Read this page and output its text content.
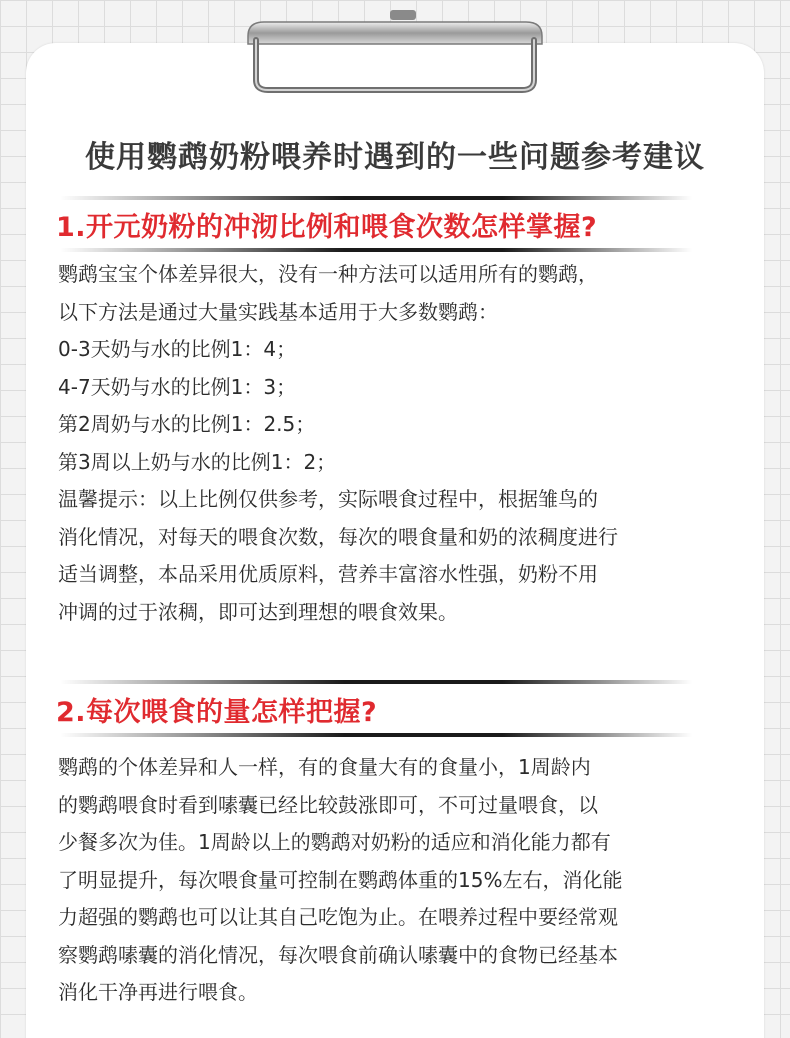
使用鹦鹉奶粉喂养时遇到的一些问题参考建议
1.开元奶粉的冲沏比例和喂食次数怎样掌握?
鹦鹉宝宝个体差异很大，没有一种方法可以适用所有的鹦鹉，
以下方法是通过大量实践基本适用于大多数鹦鹉：
0-3天奶与水的比例1：4；
4-7天奶与水的比例1：3；
第2周奶与水的比例1：2.5；
第3周以上奶与水的比例1：2；
温馨提示：以上比例仅供参考，实际喂食过程中，根据雏鸟的
消化情况，对每天的喂食次数，每次的喂食量和奶的浓稠度进行
适当调整，本品采用优质原料，营养丰富溶水性强，奶粉不用
冲调的过于浓稠，即可达到理想的喂食效果。
2.每次喂食的量怎样把握?
鹦鹉的个体差异和人一样，有的食量大有的食量小，1周龄内
的鹦鹉喂食时看到嗉囊已经比较鼓涨即可，不可过量喂食，以
少餐多次为佳。1周龄以上的鹦鹉对奶粉的适应和消化能力都有
了明显提升，每次喂食量可控制在鹦鹉体重的15%左右，消化能
力超强的鹦鹉也可以让其自己吃饱为止。在喂养过程中要经常观
察鹦鹉嗉囊的消化情况，每次喂食前确认嗉囊中的食物已经基本
消化干净再进行喂食。
